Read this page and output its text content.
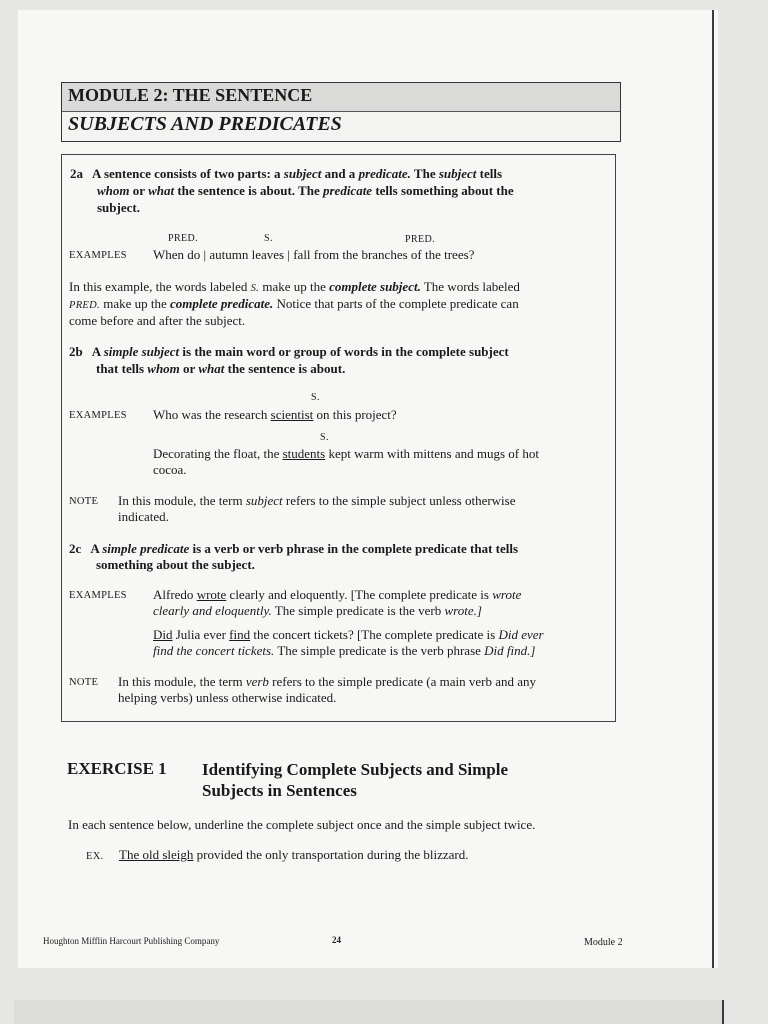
MODULE 2: THE SENTENCE
SUBJECTS AND PREDICATES
2a A sentence consists of two parts: a subject and a predicate. The subject tells
whom or what the sentence is about. The predicate tells something about the
subject.
PRED.	S.	PRED.
EXAMPLES When do | autumn leaves | fall from the branches of the trees?
In this example, the words labeled S. make up the complete subject. The words labeled
PRED. make up the complete predicate. Notice that parts of the complete predicate can
come before and after the subject.
2b A simple subject is the main word or group of words in the complete subject
that tells whom or what the sentence is about.
S.
EXAMPLES Who was the research scientist on this project?
S.
Decorating the float, the students kept warm with mittens and mugs of hot
cocoa.
NOTE In this module, the term subject refers to the simple subject unless otherwise
indicated.
2c A simple predicate is a verb or verb phrase in the complete predicate that tells
something about the subject.
EXAMPLES Alfredo wrote clearly and eloquently. [The complete predicate is wrote
clearly and eloquently. The simple predicate is the verb wrote.]
Did Julia ever find the concert tickets? [The complete predicate is Did ever
find the concert tickets. The simple predicate is the verb phrase Did find.]
NOTE In this module, the term verb refers to the simple predicate (a main verb and any
helping verbs) unless otherwise indicated.
EXERCISE 1 Identifying Complete Subjects and Simple
Subjects in Sentences
In each sentence below, underline the complete subject once and the simple subject twice.
EX. The old sleigh provided the only transportation during the blizzard.
Houghton Mifflin Harcourt Publishing Company	24	Module 2
